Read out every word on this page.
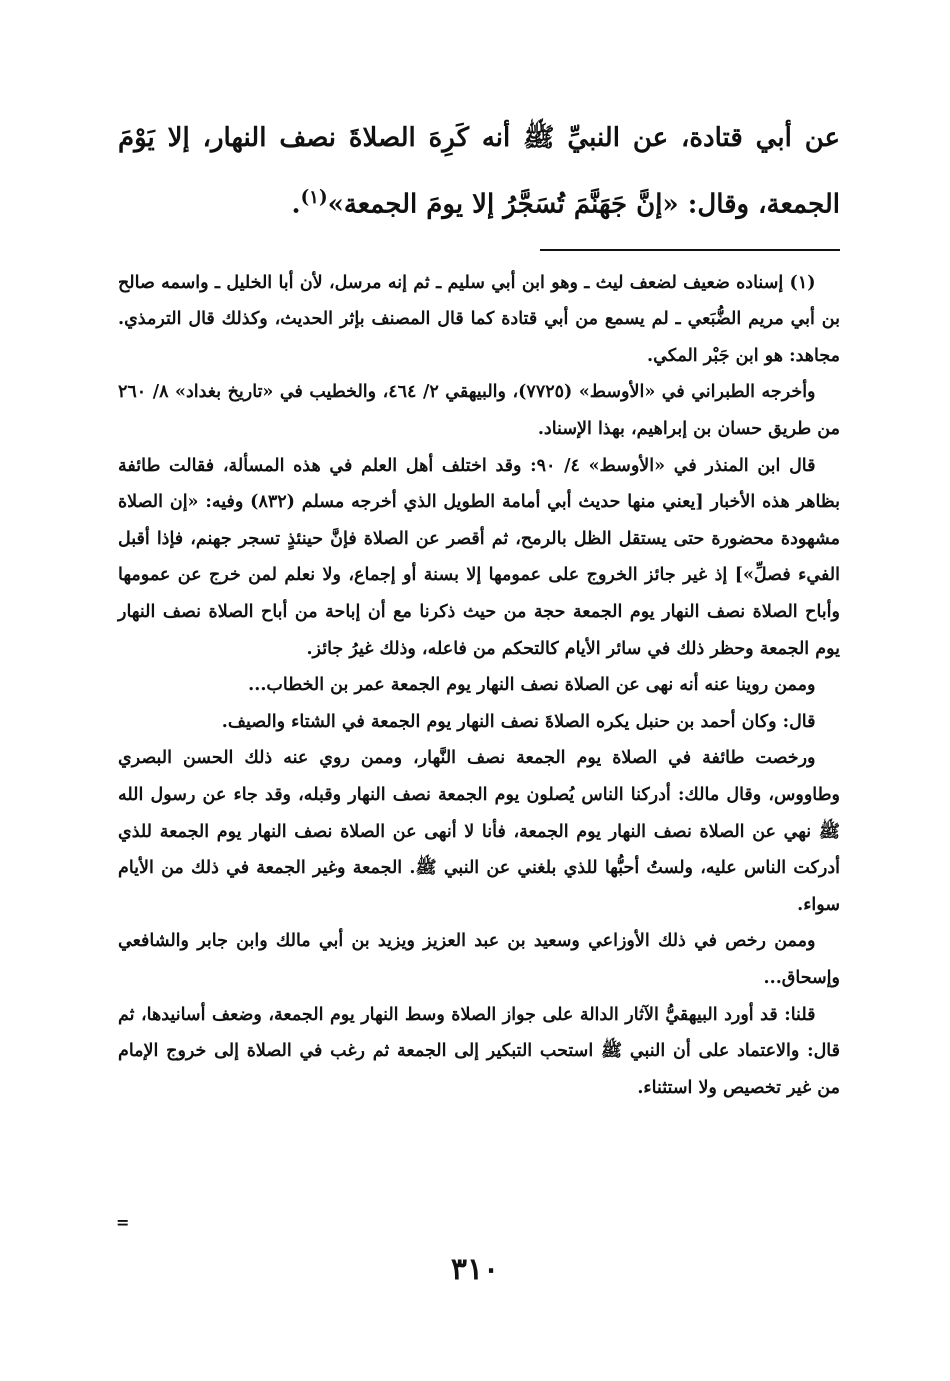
عن أبي قتادة، عن النبيِّ ﷺ أنه كَرِهَ الصلاةَ نصف النهار، إلا يَوْمَ الجمعة، وقال: «إنَّ جَهَنَّمَ تُسَجَّرُ إلا يومَ الجمعة»$^{(١)}$.

(١) إسناده ضعيف لضعف ليث ـ وهو ابن أبي سليم ـ ثم إنه مرسل، لأن أبا الخليل ـ واسمه صالح بن أبي مريم الضُّبَعي ـ لم يسمع من أبي قتادة كما قال المصنف بإثر الحديث، وكذلك قال الترمذي. مجاهد: هو ابن جَبْر المكي.

وأخرجه الطبراني في «الأوسط» (٧٧٢٥)، والبيهقي ٢/ ٤٦٤، والخطيب في «تاريخ بغداد» ٨/ ٢٦٠ من طريق حسان بن إبراهيم، بهذا الإسناد.

قال ابن المنذر في «الأوسط» ٤/ ٩٠: وقد اختلف أهل العلم في هذه المسألة، فقالت طائفة بظاهر هذه الأخبار [يعني منها حديث أبي أمامة الطويل الذي أخرجه مسلم (٨٣٢) وفيه: «إن الصلاة مشهودة محضورة حتى يستقل الظل بالرمح، ثم أقصر عن الصلاة فإنَّ حينئذٍ تسجر جهنم، فإذا أقبل الفيء فصلِّ»] إذ غير جائز الخروج على عمومها إلا بسنة أو إجماع، ولا نعلم لمن خرج عن عمومها وأباح الصلاة نصف النهار يوم الجمعة حجة من حيث ذكرنا مع أن إباحة من أباح الصلاة نصف النهار يوم الجمعة وحظر ذلك في سائر الأيام كالتحكم من فاعله، وذلك غيرُ جائز.

وممن روينا عنه أنه نهى عن الصلاة نصف النهار يوم الجمعة عمر بن الخطاب...

قال: وكان أحمد بن حنبل يكره الصلاةَ نصف النهار يوم الجمعة في الشتاء والصيف.

ورخصت طائفة في الصلاة يوم الجمعة نصف النَّهار، وممن روي عنه ذلك الحسن البصري وطاووس، وقال مالك: أدركنا الناس يُصلون يوم الجمعة نصف النهار وقبله، وقد جاء عن رسول الله ﷺ نهي عن الصلاة نصف النهار يوم الجمعة، فأنا لا أنهى عن الصلاة نصف النهار يوم الجمعة للذي أدركت الناس عليه، ولستُ أحبُّها للذي بلغني عن النبي ﷺ. الجمعة وغير الجمعة في ذلك من الأيام سواء.

وممن رخص في ذلك الأوزاعي وسعيد بن عبد العزيز ويزيد بن أبي مالك وابن جابر والشافعي وإسحاق...

قلنا: قد أورد البيهقيُّ الآثار الدالة على جواز الصلاة وسط النهار يوم الجمعة، وضعف أسانيدها، ثم قال: والاعتماد على أن النبي ﷺ استحب التبكير إلى الجمعة ثم رغب في الصلاة إلى خروج الإمام من غير تخصيص ولا استثناء.

=
٣١٠
